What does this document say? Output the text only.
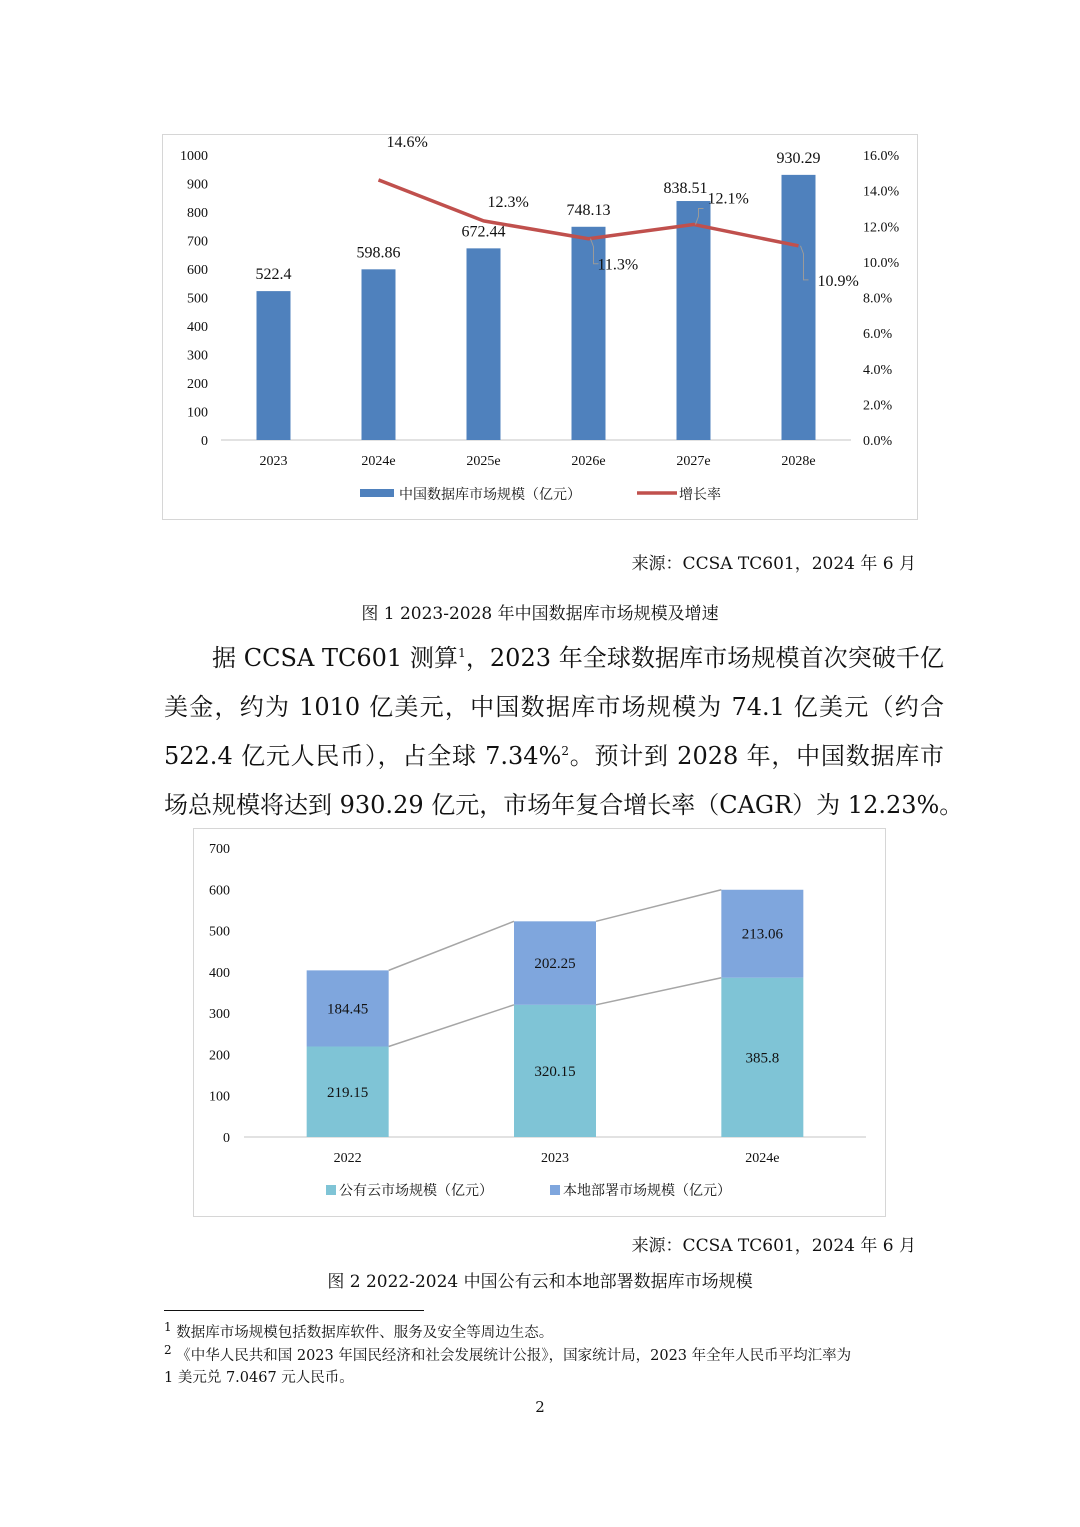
0
100
200
300
400
500
600
700
800
900
1000
0.0%
2.0%
4.0%
6.0%
8.0%
10.0%
12.0%
14.0%
16.0%
2023	2024e	2025e	2026e	2027e	2028e
522.4
598.86
672.44
748.13
838.51
930.29
14.6%
12.3%
11.3%
12.1%
10.9%
中国数据库市场规模（亿元）	增长率
来源：CCSA TC601，2024 年 6 月
图 1 2023-2028 年中国数据库市场规模及增速
据 CCSA TC601 测算$^1$，2023 年全球数据库市场规模首次突破千亿
美金，约为 1010 亿美元，中国数据库市场规模为 74.1 亿美元（约合
522.4 亿元人民币），占全球 7.34%$^2$。预计到 2028 年，中国数据库市
场总规模将达到 930.29 亿元，市场年复合增长率（CAGR）为 12.23%。
0
100
200
300
400
500
600
700
219.15
184.45
2022
320.15
202.25
2023
385.8
213.06
2024e
公有云市场规模（亿元）	本地部署市场规模（亿元）
来源：CCSA TC601，2024 年 6 月
图 2 2022-2024 中国公有云和本地部署数据库市场规模
$^1$ 数据库市场规模包括数据库软件、服务及安全等周边生态。
$^2$ 《中华人民共和国 2023 年国民经济和社会发展统计公报》，国家统计局，2023 年全年人民币平均汇率为
1 美元兑 7.0467 元人民币。
2
